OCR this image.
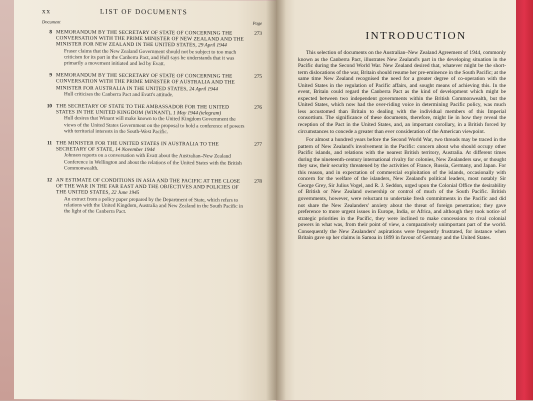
xx	LIST OF DOCUMENTS
Document	Page
8	273
MEMORANDUM BY THE SECRETARY OF STATE OF CONCERNING THE CONVERSATION WITH THE PRIME MINISTER OF NEW ZEALAND AND THE MINISTER FOR NEW ZEALAND IN THE UNITED STATES, 29 April 1944
Fraser claims that the New Zealand Government should not be subject to too much criticism for its part in the Canberra Pact, and Hull says he understands that it was primarily a movement initiated and led by Evatt.
9	275
MEMORANDUM BY THE SECRETARY OF STATE OF CONCERNING THE CONVERSATION WITH THE PRIME MINISTER OF AUSTRALIA AND THE MINISTER FOR AUSTRALIA IN THE UNITED STATES, 24 April 1944
Hull criticises the Canberra Pact and Evatt's attitude.
10	276
THE SECRETARY OF STATE TO THE AMBASSADOR FOR THE UNITED STATES IN THE UNITED KINGDOM (WINANT), 1 May 1944 (telegram)
Hull desires that Winant will make known to the United Kingdom Government the views of the United States Government on the proposal to hold a conference of powers with territorial interests in the South-West Pacific.
11	277
THE MINISTER FOR THE UNITED STATES IN AUSTRALIA TO THE SECRETARY OF STATE, 14 November 1944
Johnson reports on a conversation with Evatt about the Australian–New Zealand Conference in Wellington and about the relations of the United States with the British Commonwealth.
12	278
AN ESTIMATE OF CONDITIONS IN ASIA AND THE PACIFIC AT THE CLOSE OF THE WAR IN THE FAR EAST AND THE OBJECTIVES AND POLICIES OF THE UNITED STATES, 22 June 1945
An extract from a policy paper prepared by the Department of State, which refers to relations with the United Kingdom, Australia and New Zealand in the South Pacific in the light of the Canberra Pact.
INTRODUCTION

This selection of documents on the Australian–New Zealand Agreement of 1944, commonly known as the Canberra Pact, illustrates New Zealand's part in the developing situation in the Pacific during the Second World War. New Zealand desired that, whatever might be the short-term dislocations of the war, Britain should resume her pre-eminence in the South Pacific; at the same time New Zealand recognised the need for a greater degree of co-operation with the United States in the regulation of Pacific affairs, and sought means of achieving this. In the event, Britain could regard the Canberra Pact as the kind of development which might be expected between two independent governments within the British Commonwealth, but the United States, which now had the over-riding voice in determining Pacific policy, was much less accustomed than Britain to dealing with the individual members of this Imperial consortium. The significance of these documents, therefore, might lie in how they reveal the reception of the Pact in the United States, and, an important corollary, in a British forced by circumstances to concede a greater than ever consideration of the American viewpoint.

For almost a hundred years before the Second World War, two threads may be traced in the pattern of New Zealand's involvement in the Pacific: concern about who should occupy other Pacific islands, and relations with the nearest British territory, Australia. At different times during the nineteenth-century international rivalry for colonies, New Zealanders saw, or thought they saw, their security threatened by the activities of France, Russia, Germany, and Japan. For this reason, and in expectation of commercial exploitation of the islands, occasionally with concern for the welfare of the islanders, New Zealand's political leaders, most notably Sir George Grey, Sir Julius Vogel, and R. J. Seddon, urged upon the Colonial Office the desirability of British or New Zealand ownership or control of much of the South Pacific. British governments, however, were reluctant to undertake fresh commitments in the Pacific and did not share the New Zealanders' anxiety about the threat of foreign penetration; they gave preference to more urgent issues in Europe, India, or Africa, and although they took notice of strategic priorities in the Pacific, they were inclined to make concessions to rival colonial powers in what was, from their point of view, a comparatively unimportant part of the world. Consequently the New Zealanders' aspirations were frequently frustrated, for instance when Britain gave up her claims in Samoa in 1899 in favour of Germany and the United States.
